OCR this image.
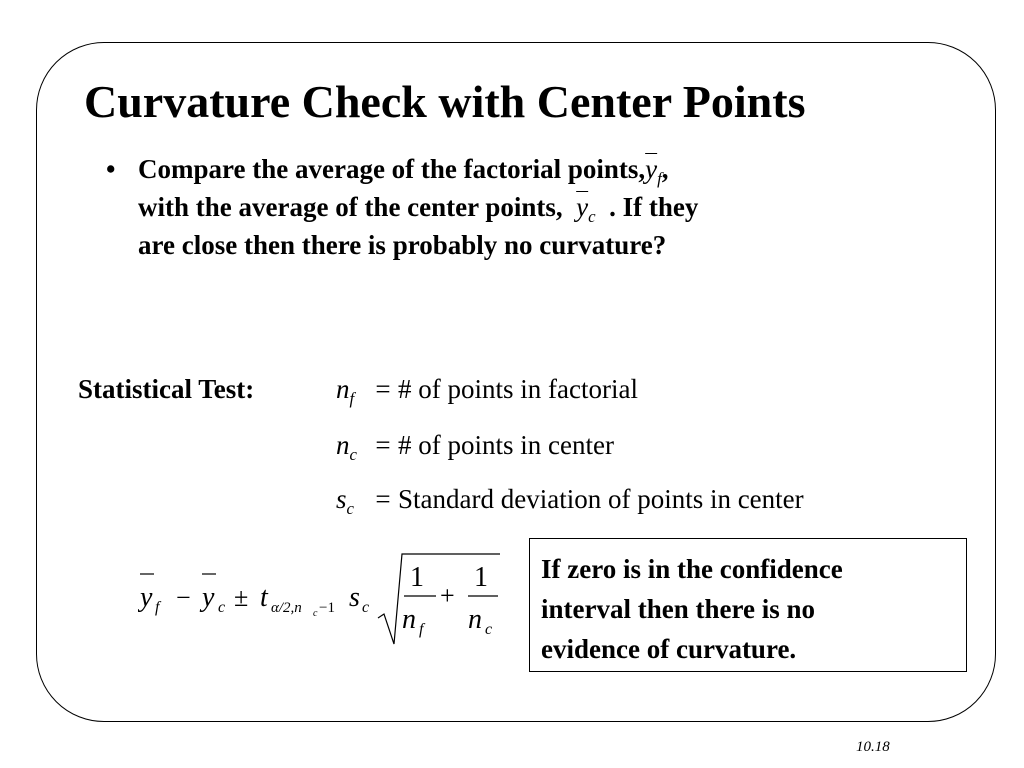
Curvature Check with Center Points
• Compare the average of the factorial $points,\overline{y}_f$,
with the average of the center points, $\overline{y}_c$ . If they
are close then there is probably no curvature?
Statistical Test:	$n_f$ = # of points in factorial
$n_c$ = # of points in center
$s_c$ = Standard deviation of points in center
y f − y c ± t α/2,n c −1 s c
1
n f
+
1
n c
If zero is in the confidence
interval then there is no
evidence of curvature.
10.18
